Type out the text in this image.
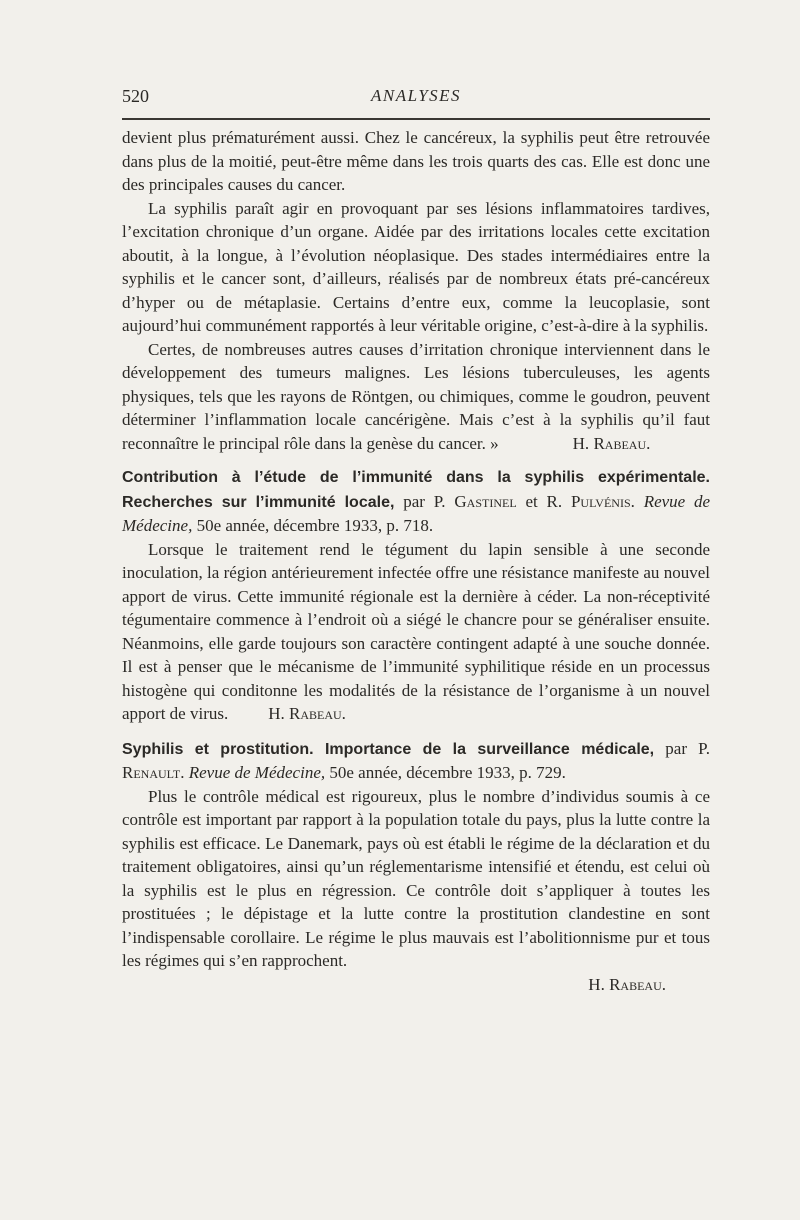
520	ANALYSES

devient plus prématurément aussi. Chez le cancéreux, la syphilis peut être retrouvée dans plus de la moitié, peut-être même dans les trois quarts des cas. Elle est donc une des principales causes du cancer.

La syphilis paraît agir en provoquant par ses lésions inflammatoires tardives, l’excitation chronique d’un organe. Aidée par des irritations locales cette excitation aboutit, à la longue, à l’évolution néoplasique. Des stades intermédiaires entre la syphilis et le cancer sont, d’ailleurs, réalisés par de nombreux états pré-cancéreux d’hyper ou de métaplasie. Certains d’entre eux, comme la leucoplasie, sont aujourd’hui communément rapportés à leur véritable origine, c’est-à-dire à la syphilis.

Certes, de nombreuses autres causes d’irritation chronique interviennent dans le développement des tumeurs malignes. Les lésions tuberculeuses, les agents physiques, tels que les rayons de Röntgen, ou chimiques, comme le goudron, peuvent déterminer l’inflammation locale cancérigène. Mais c’est à la syphilis qu’il faut reconnaître le principal rôle dans la genèse du cancer. »    	H. Rabeau.

Contribution à l’étude de l’immunité dans la syphilis expérimentale. Recherches sur l’immunité locale, par P. Gastinel et R. Pulvénis. Revue de Médecine, 50e année, décembre 1933, p. 718.

Lorsque le traitement rend le tégument du lapin sensible à une seconde inoculation, la région antérieurement infectée offre une résistance manifeste au nouvel apport de virus. Cette immunité régionale est la dernière à céder. La non-réceptivité tégumentaire commence à l’endroit où a siégé le chancre pour se généraliser ensuite. Néanmoins, elle garde toujours son caractère contingent adapté à une souche donnée. Il est à penser que le mécanisme de l’immunité syphilitique réside en un processus histogène qui conditonne les modalités de la résistance de l’organisme à un nouvel apport de virus.   H. Rabeau.

Syphilis et prostitution. Importance de la surveillance médicale, par P. Renault. Revue de Médecine, 50e année, décembre 1933, p. 729.

Plus le contrôle médical est rigoureux, plus le nombre d’individus soumis à ce contrôle est important par rapport à la population totale du pays, plus la lutte contre la syphilis est efficace. Le Danemark, pays où est établi le régime de la déclaration et du traitement obligatoires, ainsi qu’un réglementarisme intensifié et étendu, est celui où la syphilis est le plus en régression. Ce contrôle doit s’appliquer à toutes les prostituées ; le dépistage et la lutte contre la prostitution clandestine en sont l’indispensable corollaire. Le régime le plus mauvais est l’abolitionnisme pur et tous les régimes qui s’en rapprochent.

H. Rabeau.
